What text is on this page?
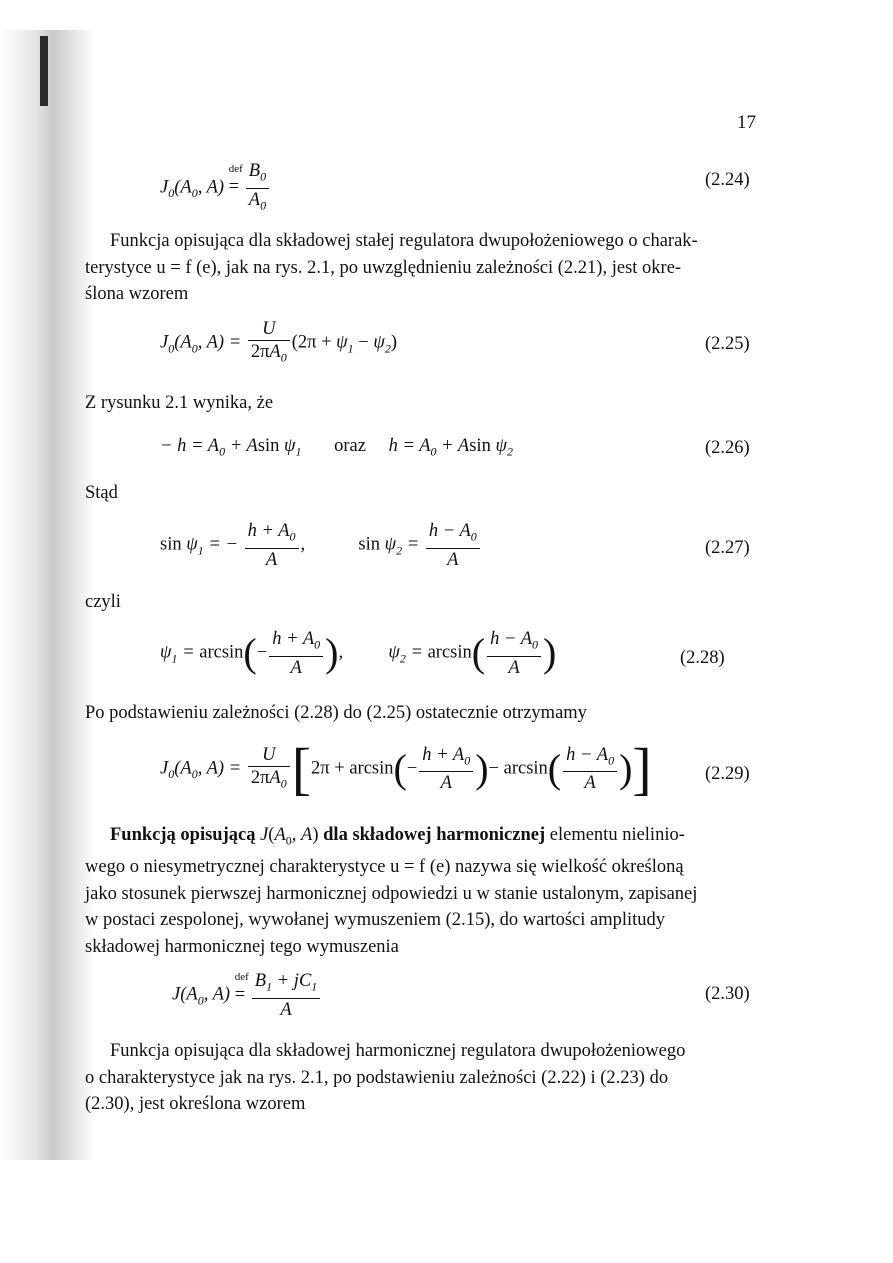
17
$J_0(A_0$, A) =
def
$\frac{B_0}{A_0}$	(2.24)
Funkcja opisująca dla składowej stałej regulatora dwupołożeniowego o charak-
terystyce u = f (e), jak na rys. 2.1, po uwzględnieniu zależności (2.21), jest okre-
ślona wzorem
$J_0(A_0$, $A) = \frac{U}{2\pi A_0} (2\pi + \psi_1 - \psi_2)$	(2.25)
Z rysunku 2.1 wynika, że
− $h = A_0 + Asin$ $\psi_1$ oraz $h = A_0 + Asin$ $\psi_2$	(2.26)
Stąd
$\sin \psi_1$ = − $\frac{h + A_0}{A}$ ,	$\sin \psi_2 = \frac{h - A_0}{A}$	(2.27)
czyli
$\psi_1 = \arcsin(- \frac{h + A_0}{A}$ ),  $\psi_2 = \arcsin( \frac{h - A_0}{A}$ )	(2.28)
Po podstawieniu zależności (2.28) do (2.25) ostatecznie otrzymamy
$J_0(A_0$, $A) = \frac{U}{2\pi A_0} [2\pi + \arcsin(- \frac{h + A_0}{A}$ )− $\arcsin( \frac{h - A_0}{A}$ )]	(2.29)
Funkcją opisującą $J(A_0$, A) dla składowej harmonicznej elementu nielinio-
wego o niesymetrycznej charakterystyce u = f (e) nazywa się wielkość określoną
jako stosunek pierwszej harmonicznej odpowiedzi u w stanie ustalonym, zapisanej
w postaci zespolonej, wywołanej wymuszeniem (2.15), do wartości amplitudy
składowej harmonicznej tego wymuszenia
$J(A_0$, A) =
def
$\frac{B_1 + jC_1}{A}$	(2.30)
Funkcja opisująca dla składowej harmonicznej regulatora dwupołożeniowego
o charakterystyce jak na rys. 2.1, po podstawieniu zależności (2.22) i (2.23) do
(2.30), jest określona wzorem
